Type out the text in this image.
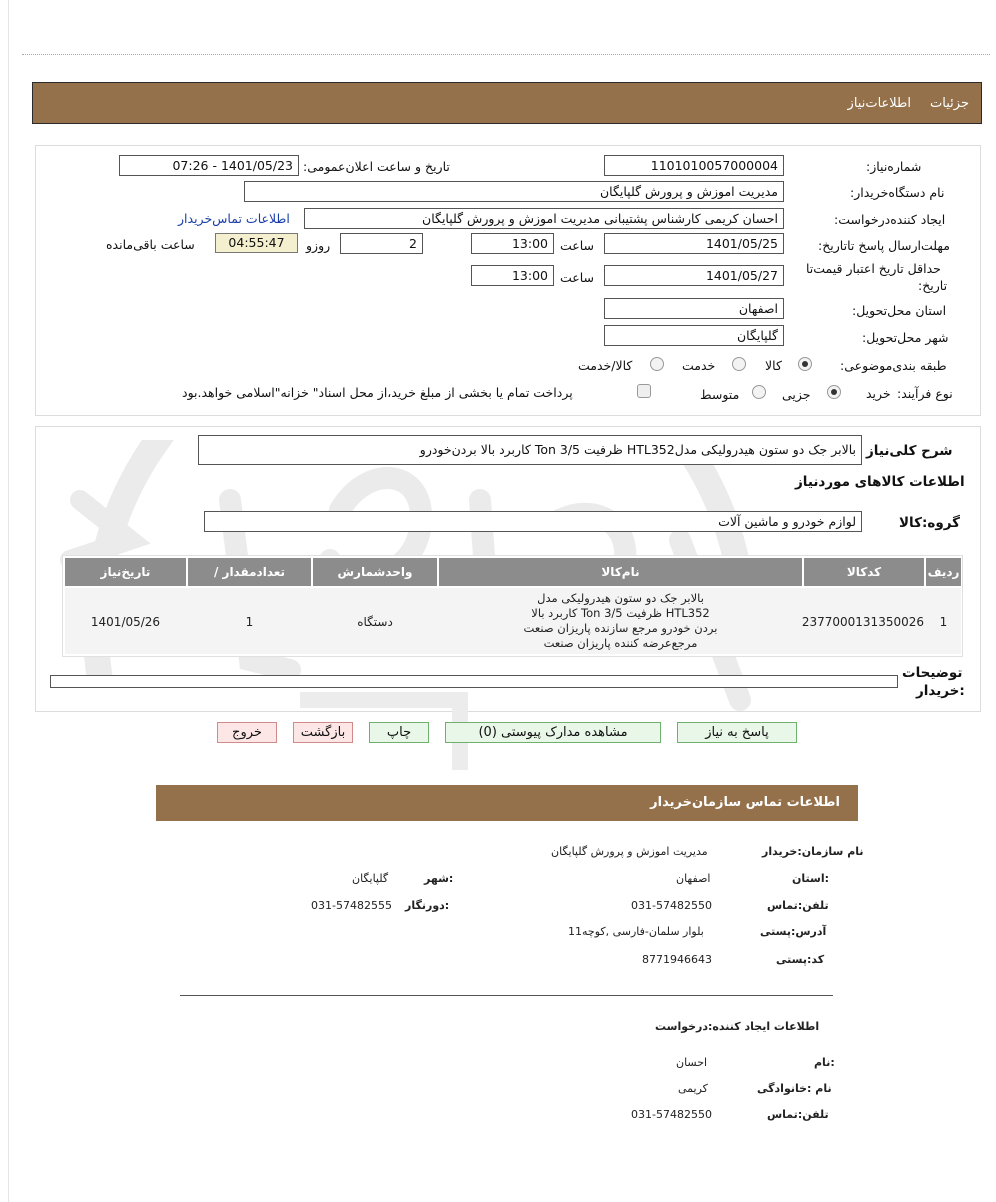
جزئیات
اطلاعات‌نیاز
شماره‌نیاز:
1101010057000004
تاریخ و ساعت اعلان‌عمومی:
1401/05/23 - 07:26
نام دستگاه‌خریدار:
مدیریت اموزش و پرورش گلپایگان
ایجاد کننده‌درخواست:
احسان کریمی کارشناس پشتیبانی مدیریت اموزش و پرورش گلپایگان
اطلاعات تماس‌خریدار
مهلت‌ارسال پاسخ تا‌تاریخ:
1401/05/25
ساعت
13:00
2
روزو
04:55:47
ساعت باقی‌مانده
حداقل تاریخ اعتبار قیمت‌تا
تاریخ:
1401/05/27
ساعت
13:00
استان محل‌تحویل:
اصفهان
شهر محل‌تحویل:
گلپایگان
طبقه بندی‌موضوعی:
کالا
خدمت
کالا/خدمت
نوع فرآیند:
خرید
جزیی
متوسط
پرداخت تمام یا بخشی از مبلغ خرید،از محل اسناد" خزانه"اسلامی خواهد.بود
شرح کلی‌نیاز
بالابر جک دو ستون هیدرولیکی مدلHTL352 ظرفیت Ton 3/5 کاربرد بالا بردن‌خودرو
اطلاعات کالاهای موردنیاز
گروه:کالا
لوازم خودرو و ماشین آلات
ردیف
کدکالا
نام‌کالا
واحدشمارش
تعداد‌مقدار /
تاریخ‌نیاز
1
2377000131350026
بالابر جک دو ستون هیدرولیکی مدل
HTL352 ظرفیت Ton 3/5 کاربرد بالا
بردن خودرو مرجع سازنده پاریزان صنعت
مرجع‌عرضه کننده پاریزان صنعت
دستگاه
1
1401/05/26
توضیحات
:خریدار
پاسخ به نیاز
مشاهده مدارک پیوستی (0)
چاپ
بازگشت
خروج
اطلاعات تماس سازمان‌خریدار
نام سازمان:خریدار
مدیریت اموزش و پرورش گلپایگان
:استان
اصفهان
:شهر
گلپایگان
تلفن:تماس
031-57482550
:دورنگار
031-57482555
آدرس:پستی
بلوار سلمان-فارسی ,کوچه11
کد:پستی
8771946643
اطلاعات ایجاد کننده:درخواست
:نام
احسان
نام :خانوادگی
کریمی
تلفن:تماس
031-57482550
